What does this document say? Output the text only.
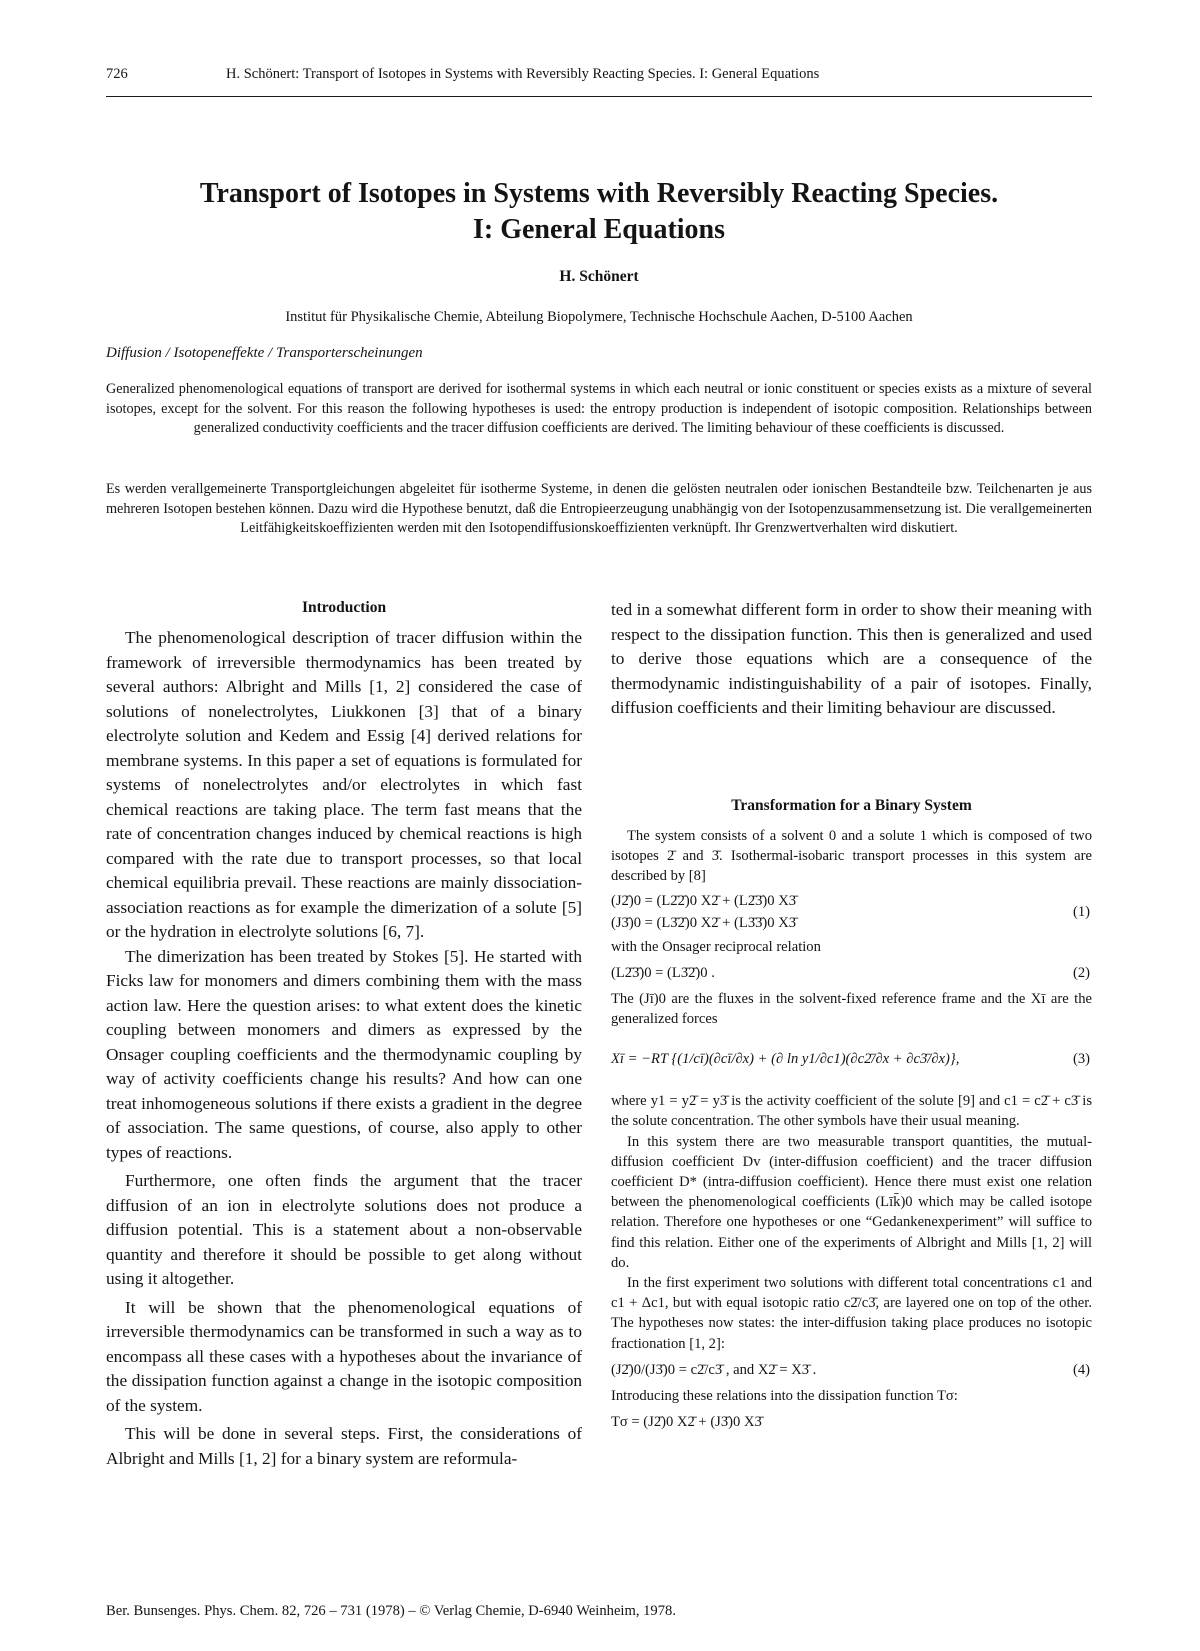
726	H. Schönert: Transport of Isotopes in Systems with Reversibly Reacting Species. I: General Equations
Transport of Isotopes in Systems with Reversibly Reacting Species.
I: General Equations
H. Schönert
Institut für Physikalische Chemie, Abteilung Biopolymere, Technische Hochschule Aachen, D-5100 Aachen
Diffusion / Isotopeneffekte / Transporterscheinungen

Generalized phenomenological equations of transport are derived for isothermal systems in which each neutral or ionic constituent or species exists as a mixture of several isotopes, except for the solvent. For this reason the following hypotheses is used: the entropy production is independent of isotopic composition. Relationships between generalized conductivity coefficients and the tracer diffusion coefficients are derived. The limiting behaviour of these coefficients is discussed.

Es werden verallgemeinerte Transportgleichungen abgeleitet für isotherme Systeme, in denen die gelösten neutralen oder ionischen Bestandteile bzw. Teilchenarten je aus mehreren Isotopen bestehen können. Dazu wird die Hypothese benutzt, daß die Entropieerzeugung unabhängig von der Isotopenzusammensetzung ist. Die verallgemeinerten Leitfähigkeitskoeffizienten werden mit den Isotopendiffusionskoeffizienten verknüpft. Ihr Grenzwertverhalten wird diskutiert.

Introduction

The phenomenological description of tracer diffusion within the framework of irreversible thermodynamics has been treated by several authors: Albright and Mills [1, 2] considered the case of solutions of nonelectrolytes, Liukkonen [3] that of a binary electrolyte solution and Kedem and Essig [4] derived relations for membrane systems. In this paper a set of equations is formulated for systems of nonelectrolytes and/or electrolytes in which fast chemical reactions are taking place. The term fast means that the rate of concentration changes induced by chemical reactions is high compared with the rate due to transport processes, so that local chemical equilibria prevail. These reactions are mainly dissociation-association reactions as for example the dimerization of a solute [5] or the hydration in electrolyte solutions [6, 7].

The dimerization has been treated by Stokes [5]. He started with Ficks law for monomers and dimers combining them with the mass action law. Here the question arises: to what extent does the kinetic coupling between monomers and dimers as expressed by the Onsager coupling coefficients and the thermodynamic coupling by way of activity coefficients change his results? And how can one treat inhomogeneous solutions if there exists a gradient in the degree of association. The same questions, of course, also apply to other types of reactions.

Furthermore, one often finds the argument that the tracer diffusion of an ion in electrolyte solutions does not produce a diffusion potential. This is a statement about a non-observable quantity and therefore it should be possible to get along without using it altogether.

It will be shown that the phenomenological equations of irreversible thermodynamics can be transformed in such a way as to encompass all these cases with a hypotheses about the invariance of the dissipation function against a change in the isotopic composition of the system.

This will be done in several steps. First, the considerations of Albright and Mills [1, 2] for a binary system are reformula-

ted in a somewhat different form in order to show their meaning with respect to the dissipation function. This then is generalized and used to derive those equations which are a consequence of the thermodynamic indistinguishability of a pair of isotopes. Finally, diffusion coefficients and their limiting behaviour are discussed.

Transformation for a Binary System

The system consists of a solvent 0 and a solute 1 which is composed of two isotopes 2̄ and 3̄. Isothermal-isobaric transport processes in this system are described by [8]

(J2̄)0 = (L2̄2̄)0 X2̄ + (L2̄3̄)0 X3̄
(J3̄)0 = (L3̄2̄)0 X2̄ + (L3̄3̄)0 X3̄
(1)

with the Onsager reciprocal relation

(L2̄3̄)0 = (L3̄2̄)0 .	(2)

The (Jī)0 are the fluxes in the solvent-fixed reference frame and the Xī are the generalized forces

Xī = −RT {(1/cī)(∂cī/∂x) + (∂ ln y1/∂c1)(∂c2̄/∂x + ∂c3̄/∂x)},	(3)

where y1 = y2̄ = y3̄ is the activity coefficient of the solute [9] and c1 = c2̄ + c3̄ is the solute concentration. The other symbols have their usual meaning.

In this system there are two measurable transport quantities, the mutual-diffusion coefficient Dv (inter-diffusion coefficient) and the tracer diffusion coefficient D* (intra-diffusion coefficient). Hence there must exist one relation between the phenomenological coefficients (Līk̄)0 which may be called isotope relation. Therefore one hypotheses or one “Gedankenexperiment” will suffice to find this relation. Either one of the experiments of Albright and Mills [1, 2] will do.

In the first experiment two solutions with different total concentrations c1 and c1 + Δc1, but with equal isotopic ratio c2̄/c3̄, are layered one on top of the other. The hypotheses now states: the inter-diffusion taking place produces no isotopic fractionation [1, 2]:

(J2̄)0/(J3̄)0 = c2̄/c3̄ , and X2̄ = X3̄ .	(4)

Introducing these relations into the dissipation function Tσ:

Tσ = (J2̄)0 X2̄ + (J3̄)0 X3̄
Ber. Bunsenges. Phys. Chem. 82, 726 – 731 (1978) – © Verlag Chemie, D-6940 Weinheim, 1978.
